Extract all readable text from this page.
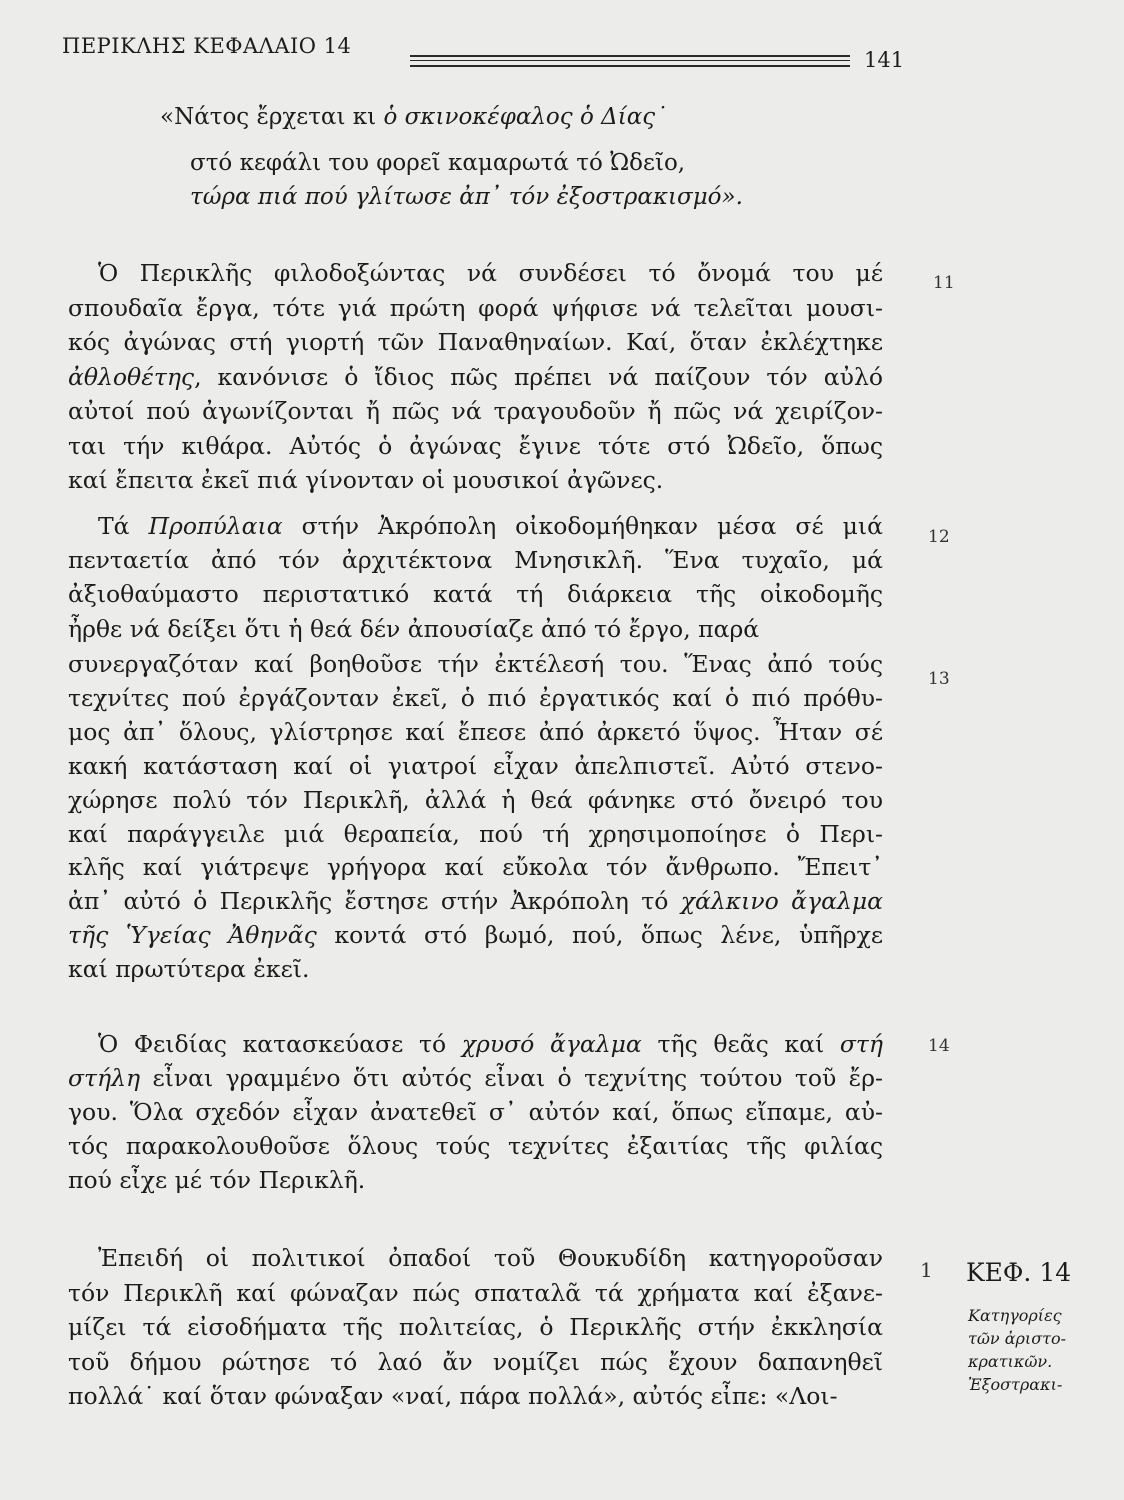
ΠΕΡΙΚΛΗΣ ΚΕΦΑΛΑΙΟ 14
141
«Νάτος ἔρχεται κι ὁ σκινοκέφαλος ὁ Δίας˙
στό κεφάλι του φορεῖ καμαρωτά τό Ὠδεῖο,
τώρα πιά πού γλίτωσε ἀπ᾽ τόν ἐξοστρακισμό».
Ὁ Περικλῆς φιλοδοξώντας νά συνδέσει τό ὄνομά του μέ
σπουδαῖα ἔργα, τότε γιά πρώτη φορά ψήφισε νά τελεῖται μουσι-
κός ἀγώνας στή γιορτή τῶν Παναθηναίων. Καί, ὅταν ἐκλέχτηκε
ἀθλοθέτης, κανόνισε ὁ ἴδιος πῶς πρέπει νά παίζουν τόν αὐλό
αὐτοί πού ἀγωνίζονται ἤ πῶς νά τραγουδοῦν ἤ πῶς νά χειρίζον-
ται τήν κιθάρα. Αὐτός ὁ ἀγώνας ἔγινε τότε στό Ὠδεῖο, ὅπως
καί ἔπειτα ἐκεῖ πιά γίνονταν οἱ μουσικοί ἀγῶνες.
Τά Προπύλαια στήν Ἀκρόπολη οἰκοδομήθηκαν μέσα σέ μιά
πενταετία ἀπό τόν ἀρχιτέκτονα Μνησικλῆ. Ἕνα τυχαῖο, μά
ἀξιοθαύμαστο περιστατικό κατά τή διάρκεια τῆς οἰκοδομῆς
ἦρθε νά δείξει ὅτι ἡ θεά δέν ἀπουσίαζε ἀπό τό ἔργο, παρά
συνεργαζόταν καί βοηθοῦσε τήν ἐκτέλεσή του. Ἕνας ἀπό τούς
τεχνίτες πού ἐργάζονταν ἐκεῖ, ὁ πιό ἐργατικός καί ὁ πιό πρόθυ-
μος ἀπ᾽ ὅλους, γλίστρησε καί ἔπεσε ἀπό ἀρκετό ὕψος. Ἦταν σέ
κακή κατάσταση καί οἱ γιατροί εἶχαν ἀπελπιστεῖ. Αὐτό στενο-
χώρησε πολύ τόν Περικλῆ, ἀλλά ἡ θεά φάνηκε στό ὄνειρό του
καί παράγγειλε μιά θεραπεία, πού τή χρησιμοποίησε ὁ Περι-
κλῆς καί γιάτρεψε γρήγορα καί εὔκολα τόν ἄνθρωπο. Ἔπειτ᾽
ἀπ᾽ αὐτό ὁ Περικλῆς ἔστησε στήν Ἀκρόπολη τό χάλκινο ἄγαλμα
τῆς Ὑγείας Ἀθηνᾶς κοντά στό βωμό, πού, ὅπως λένε, ὑπῆρχε
καί πρωτύτερα ἐκεῖ.
Ὁ Φειδίας κατασκεύασε τό χρυσό ἄγαλμα τῆς θεᾶς καί στή
στήλη εἶναι γραμμένο ὅτι αὐτός εἶναι ὁ τεχνίτης τούτου τοῦ ἔρ-
γου. Ὅλα σχεδόν εἶχαν ἀνατεθεῖ σ᾽ αὐτόν καί, ὅπως εἴπαμε, αὐ-
τός παρακολουθοῦσε ὅλους τούς τεχνίτες ἐξαιτίας τῆς φιλίας
πού εἶχε μέ τόν Περικλῆ.
Ἐπειδή οἱ πολιτικοί ὀπαδοί τοῦ Θουκυδίδη κατηγοροῦσαν
τόν Περικλῆ καί φώναζαν πώς σπαταλᾶ τά χρήματα καί ἐξανε-
μίζει τά εἰσοδήματα τῆς πολιτείας, ὁ Περικλῆς στήν ἐκκλησία
τοῦ δήμου ρώτησε τό λαό ἄν νομίζει πώς ἔχουν δαπανηθεῖ
πολλά˙ καί ὅταν φώναξαν «ναί, πάρα πολλά», αὐτός εἶπε: «Λοι-
11
12
13
14
1 ΚΕΦ. 14
Κατηγορίες
τῶν ἀριστο-
κρατικῶν.
Ἐξοστρακι-
